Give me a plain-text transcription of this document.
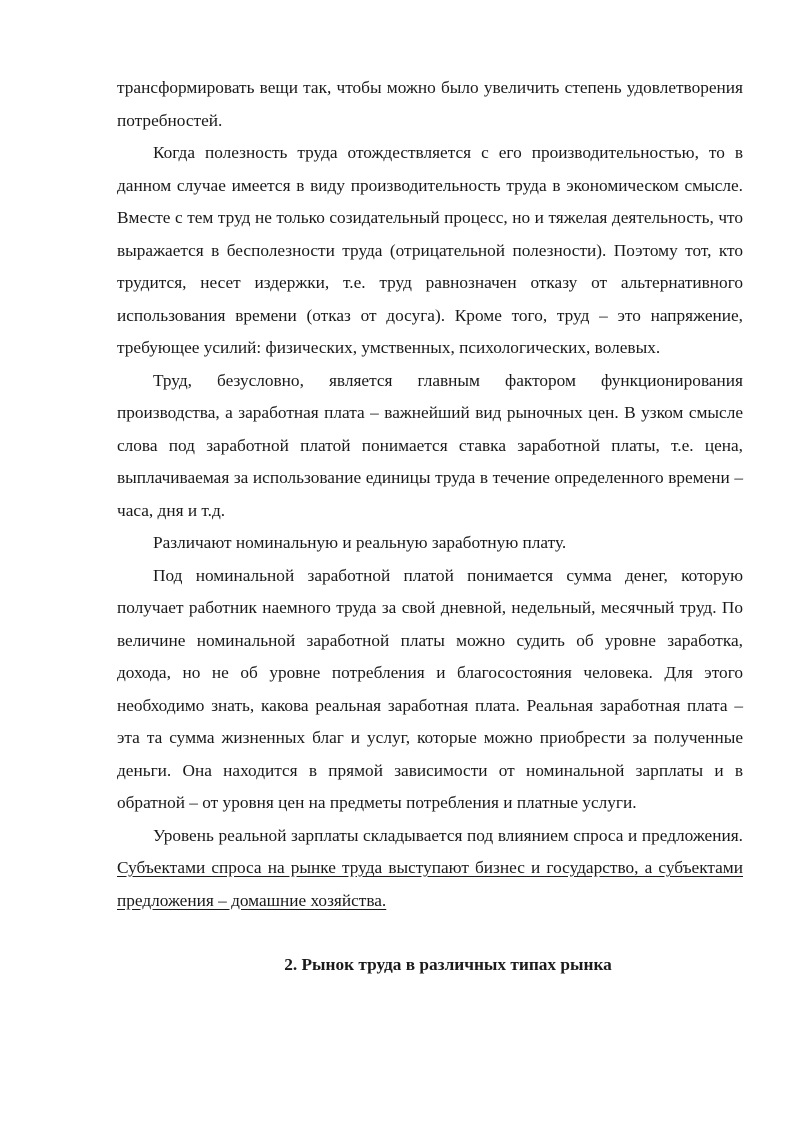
трансформировать вещи так, чтобы можно было увеличить степень удовлетворения потребностей.

Когда полезность труда отождествляется с его производительностью, то в данном случае имеется в виду производительность труда в экономическом смысле. Вместе с тем труд не только созидательный процесс, но и тяжелая деятельность, что выражается в бесполезности труда (отрицательной полезности). Поэтому тот, кто трудится, несет издержки, т.е. труд равнозначен отказу от альтернативного использования времени (отказ от досуга). Кроме того, труд – это напряжение, требующее усилий: физических, умственных, психологических, волевых.

Труд, безусловно, является главным фактором функционирования производства, а заработная плата – важнейший вид рыночных цен. В узком смысле слова под заработной платой понимается ставка заработной платы, т.е. цена, выплачиваемая за использование единицы труда в течение определенного времени – часа, дня и т.д.

Различают номинальную и реальную заработную плату.

Под номинальной заработной платой понимается сумма денег, которую получает работник наемного труда за свой дневной, недельный, месячный труд. По величине номинальной заработной платы можно судить об уровне заработка, дохода, но не об уровне потребления и благосостояния человека. Для этого необходимо знать, какова реальная заработная плата. Реальная заработная плата – эта та сумма жизненных благ и услуг, которые можно приобрести за полученные деньги. Она находится в прямой зависимости от номинальной зарплаты и в обратной – от уровня цен на предметы потребления и платные услуги.

Уровень реальной зарплаты складывается под влиянием спроса и предложения. Субъектами спроса на рынке труда выступают бизнес и государство, а субъектами предложения – домашние хозяйства.

2. Рынок труда в различных типах рынка
